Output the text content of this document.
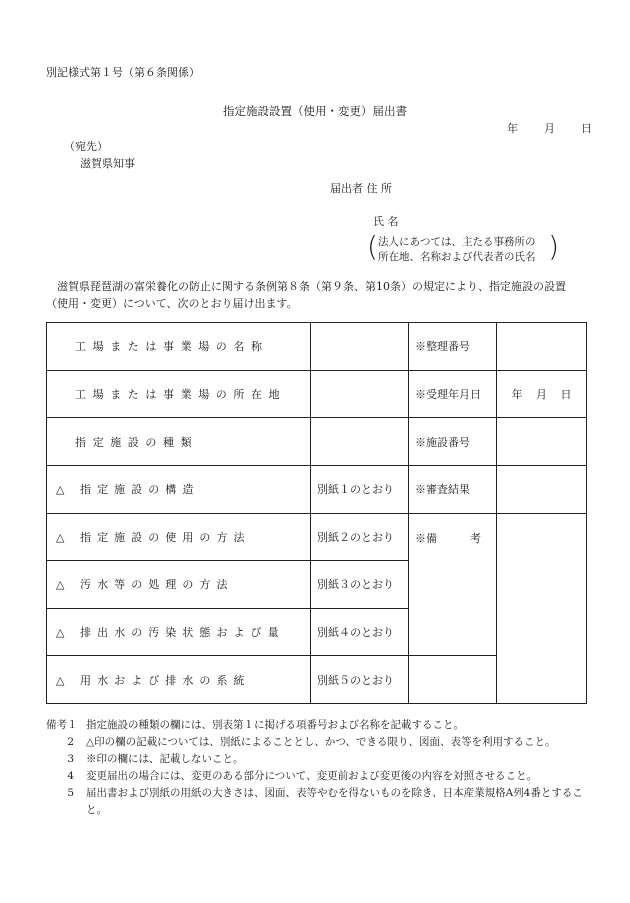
別記様式第１号（第６条関係）
指定施設設置（使用・変更）届出書
年 月 日
（宛先）
滋賀県知事
届出者 住 所
氏 名
( 法人にあつては、主たる事務所の
所在地、名称および代表者の氏名 )
滋賀県琵琶湖の富栄養化の防止に関する条例第８条（第９条、第10条）の規定により、指定施設の設置（使用・変更）について、次のとおり届け出ます。
工場または事業場の名称		※整理番号	
工場または事業場の所在地		※受理年月日	年 月 日
指定施設の種類		※施設番号	
△ 指定施設の構造	別紙１のとおり	※審査結果	
△ 指定施設の使用の方法	別紙２のとおり	※備　　　考	
△ 汚水等の処理の方法	別紙３のとおり		
△ 排出水の汚染状態および量	別紙４のとおり		
△ 用水および排水の系統	別紙５のとおり		
備考１ 指定施設の種類の欄には、別表第１に掲げる項番号および名称を記載すること。
2	△印の欄の記載については、別紙によることとし、かつ、できる限り、図面、表等を利用すること。
3	※印の欄には、記載しないこと。
4	変更届出の場合には、変更のある部分について、変更前および変更後の内容を対照させること。
5	届出書および別紙の用紙の大きさは、図面、表等やむを得ないものを除き、日本産業規格A列4番とすること。
